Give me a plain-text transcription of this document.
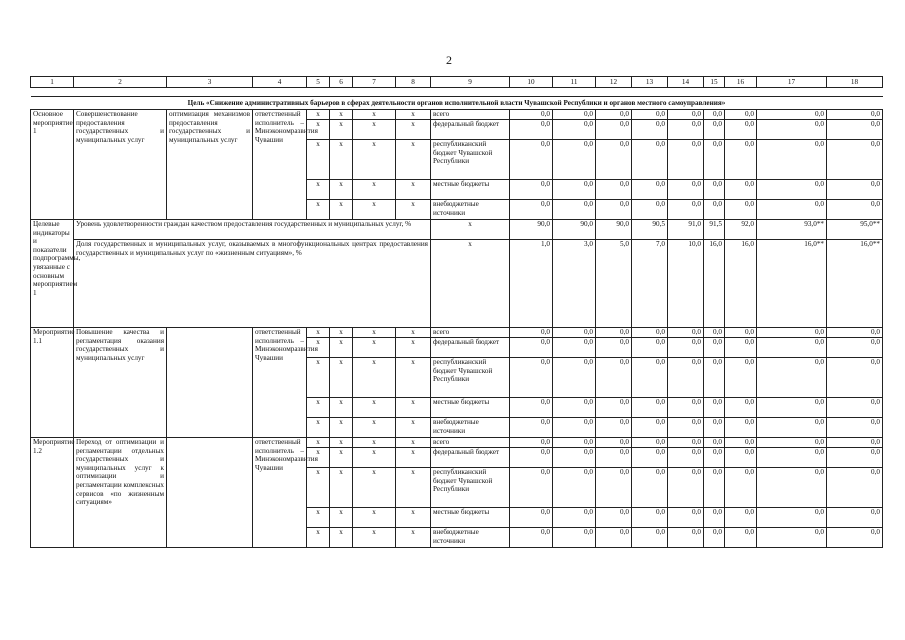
2
1	2	3	4	5	6	7	8	9	10	11	12	13	14	15	16	17	18

Цель «Снижение административных барьеров в сферах деятельности органов исполнительной власти Чувашской Республики и органов местного самоуправления»																	
Основное мероприятие 1	Совершенствование предоставления государственных и муниципальных услуг	оптимизация механизмов предоставления государственных и муниципальных услуг	ответственный исполнитель – Минэкономразвития Чувашии	x	x	x	x	всего	0,0	0,0	0,0	0,0	0,0	0,0	0,0	0,0	0,0
				x	x	x	x	федеральный бюджет	0,0	0,0	0,0	0,0	0,0	0,0	0,0	0,0	0,0
				x	x	x	x	республиканский бюджет Чувашской Республики	0,0	0,0	0,0	0,0	0,0	0,0	0,0	0,0	0,0
				x	x	x	x	местные бюджеты	0,0	0,0	0,0	0,0	0,0	0,0	0,0	0,0	0,0
				x	x	x	x	внебюджетные источники	0,0	0,0	0,0	0,0	0,0	0,0	0,0	0,0	0,0
Целевые индикаторы и показатели подпрограммы, увязанные с основным мероприятием 1	Уровень удовлетворенности граждан качеством предоставления государственных и муниципальных услуг, %							x	90,0	90,0	90,0	90,5	91,0	91,5	92,0	93,0**	95,0**
	Доля государственных и муниципальных услуг, оказываемых в многофункциональных центрах предоставления государственных и муниципальных услуг по «жизненным ситуациям», %							x	1,0	3,0	5,0	7,0	10,0	16,0	16,0	16,0**	16,0**
Мероприятие 1.1	Повышение качества и регламентация оказания государственных и муниципальных услуг		ответственный исполнитель – Минэкономразвития Чувашии	x	x	x	x	всего	0,0	0,0	0,0	0,0	0,0	0,0	0,0	0,0	0,0
				x	x	x	x	федеральный бюджет	0,0	0,0	0,0	0,0	0,0	0,0	0,0	0,0	0,0
				x	x	x	x	республиканский бюджет Чувашской Республики	0,0	0,0	0,0	0,0	0,0	0,0	0,0	0,0	0,0
				x	x	x	x	местные бюджеты	0,0	0,0	0,0	0,0	0,0	0,0	0,0	0,0	0,0
				x	x	x	x	внебюджетные источники	0,0	0,0	0,0	0,0	0,0	0,0	0,0	0,0	0,0
Мероприятие 1.2	Переход от оптимизации и регламентации отдельных государственных и муниципальных услуг к оптимизации и регламентации комплексных сервисов «по жизненным ситуациям»		ответственный исполнитель – Минэкономразвития Чувашии	x	x	x	x	всего	0,0	0,0	0,0	0,0	0,0	0,0	0,0	0,0	0,0
				x	x	x	x	федеральный бюджет	0,0	0,0	0,0	0,0	0,0	0,0	0,0	0,0	0,0
				x	x	x	x	республиканский бюджет Чувашской Республики	0,0	0,0	0,0	0,0	0,0	0,0	0,0	0,0	0,0
				x	x	x	x	местные бюджеты	0,0	0,0	0,0	0,0	0,0	0,0	0,0	0,0	0,0
				x	x	x	x	внебюджетные источники	0,0	0,0	0,0	0,0	0,0	0,0	0,0	0,0	0,0
